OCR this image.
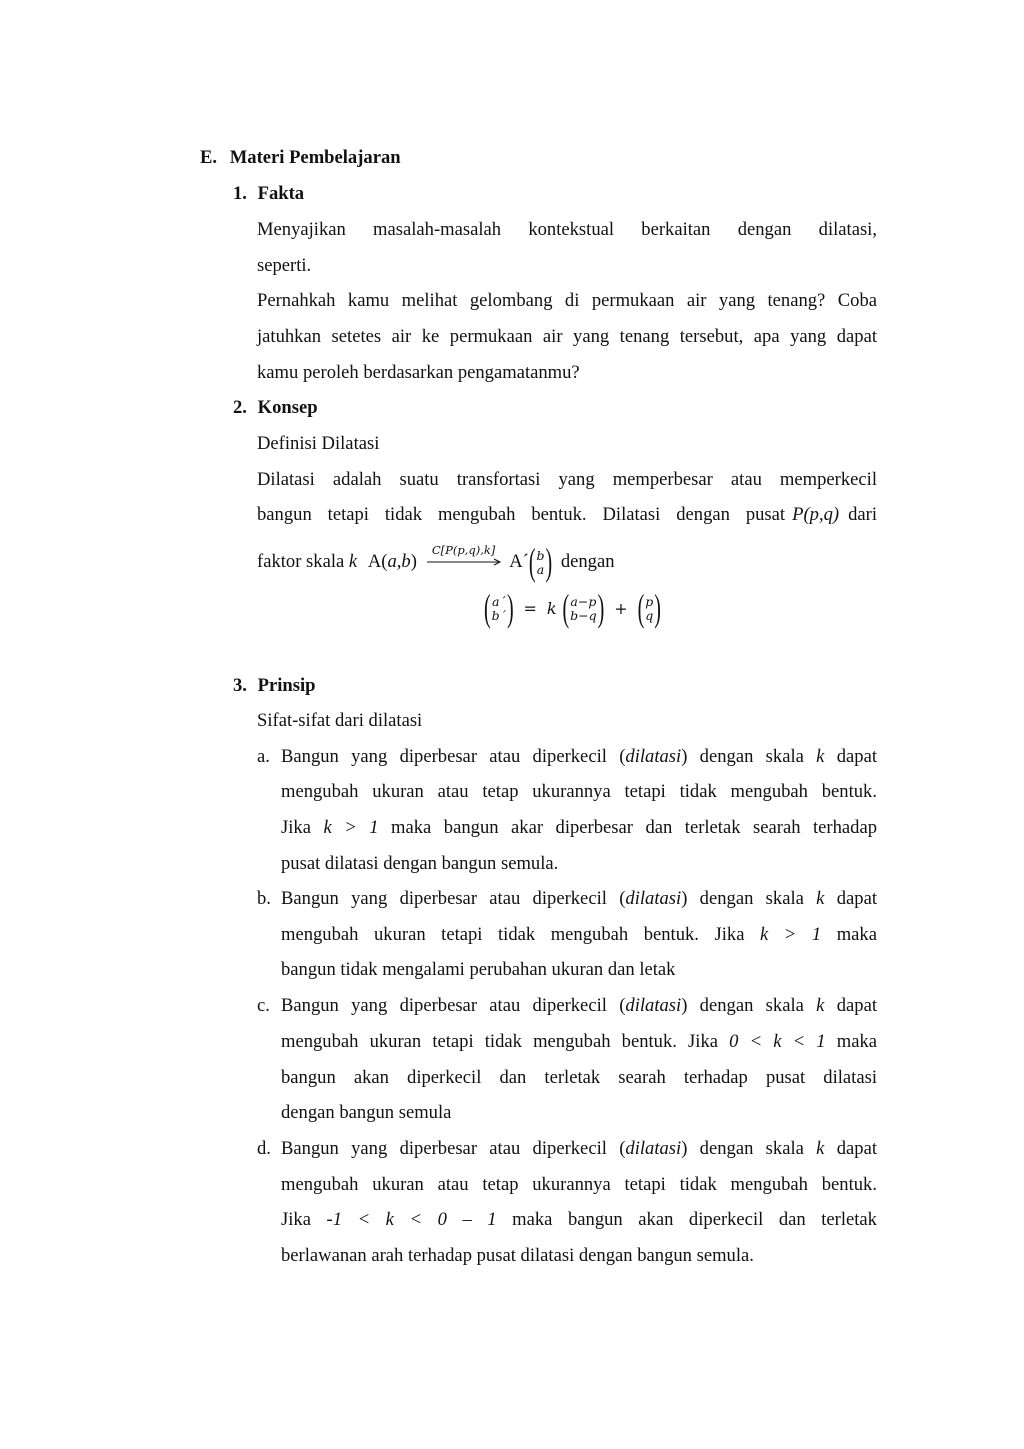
E. Materi Pembelajaran
1. Fakta
Menyajikan masalah-masalah kontekstual berkaitan dengan dilatasi,
seperti.
Pernahkah kamu melihat gelombang di permukaan air yang tenang? Coba
jatuhkan setetes air ke permukaan air yang tenang tersebut, apa yang dapat
kamu peroleh berdasarkan pengamatanmu?
2. Konsep
Definisi Dilatasi
Dilatasi adalah suatu transfortasi yang memperbesar atau memperkecil
bangun tetapi tidak mengubah bentuk. Dilatasi dengan pusat P(p,q) dari
faktor skala k A(a,b)
C[P(p,q),k]
A´ ( b
a ) dengan
( a´
b´ ) = k ( a−p
b−q ) + ( p
q )
3. Prinsip
Sifat-sifat dari dilatasi
a. Bangun yang diperbesar atau diperkecil (dilatasi) dengan skala k dapat
mengubah ukuran atau tetap ukurannya tetapi tidak mengubah bentuk.
Jika k > 1 maka bangun akar diperbesar dan terletak searah terhadap
pusat dilatasi dengan bangun semula.
b. Bangun yang diperbesar atau diperkecil (dilatasi) dengan skala k dapat
mengubah ukuran tetapi tidak mengubah bentuk. Jika k > 1 maka
bangun tidak mengalami perubahan ukuran dan letak
c. Bangun yang diperbesar atau diperkecil (dilatasi) dengan skala k dapat
mengubah ukuran tetapi tidak mengubah bentuk. Jika 0 < k < 1 maka
bangun akan diperkecil dan terletak searah terhadap pusat dilatasi
dengan bangun semula
d. Bangun yang diperbesar atau diperkecil (dilatasi) dengan skala k dapat
mengubah ukuran atau tetap ukurannya tetapi tidak mengubah bentuk.
Jika -1 < k < 0 – 1 maka bangun akan diperkecil dan terletak
berlawanan arah terhadap pusat dilatasi dengan bangun semula.
